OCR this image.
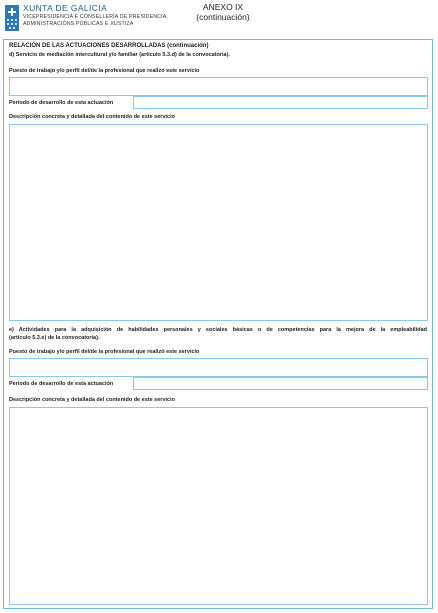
XUNTA DE GALICIA
VICEPRESIDENCIA E CONSELLERÍA DE PRESIDENCIA,
ADMINISTRACIÓNS PÚBLICAS E XUSTIZA
ANEXO IX
(continuación)
RELACIÓN DE LAS ACTUACIONES DESARROLLADAS (continuación)
d) Servicio de mediación intercultural y/o familiar (artículo 5.3.d) de la convocatoria).
Puesto de trabajo y/o perfil del/de la profesional que realizó este servicio
Periodo de desarrollo de esta actuación
Descripción concreta y detallada del contenido de este servicio
e) Actividades para la adquisición de habilidades personales y sociales básicas o de competencias para la mejora de la empleabilidad
(artículo 5.3.e) de la convocatoria).
Puesto de trabajo y/o perfil del/de la profesional que realizó este servicio
Periodo de desarrollo de esta actuación
Descripción concreta y detallada del contenido de este servicio
